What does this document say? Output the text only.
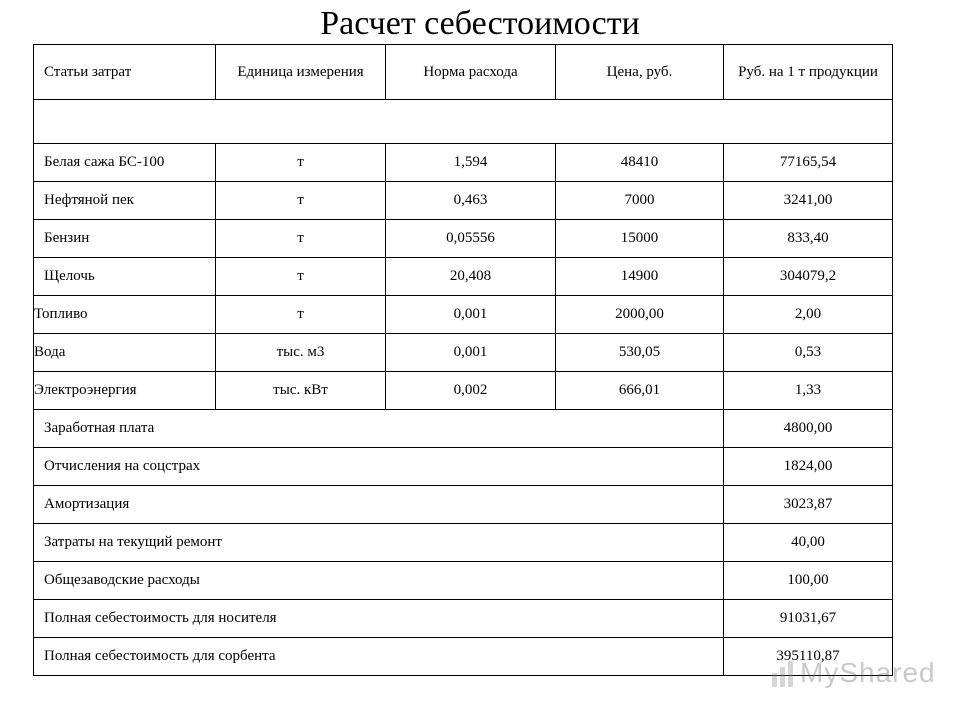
Расчет себестоимости
Статьи затрат	Единица измерения	Норма расхода	Цена, руб.	Руб. на 1 т продукции

Белая сажа БС-100	т	1,594	48410	77165,54
Нефтяной пек	т	0,463	7000	3241,00
Бензин	т	0,05556	15000	833,40
Щелочь	т	20,408	14900	304079,2
Топливо	т	0,001	2000,00	2,00
Вода	тыс. м3	0,001	530,05	0,53
Электроэнергия	тыс. кВт	0,002	666,01	1,33
Заработная плата				4800,00
Отчисления на соцстрах				1824,00
Амортизация				3023,87
Затраты на текущий ремонт				40,00
Общезаводские расходы				100,00
Полная себестоимость для носителя				91031,67
Полная себестоимость для сорбента				395110,87
MyShared
